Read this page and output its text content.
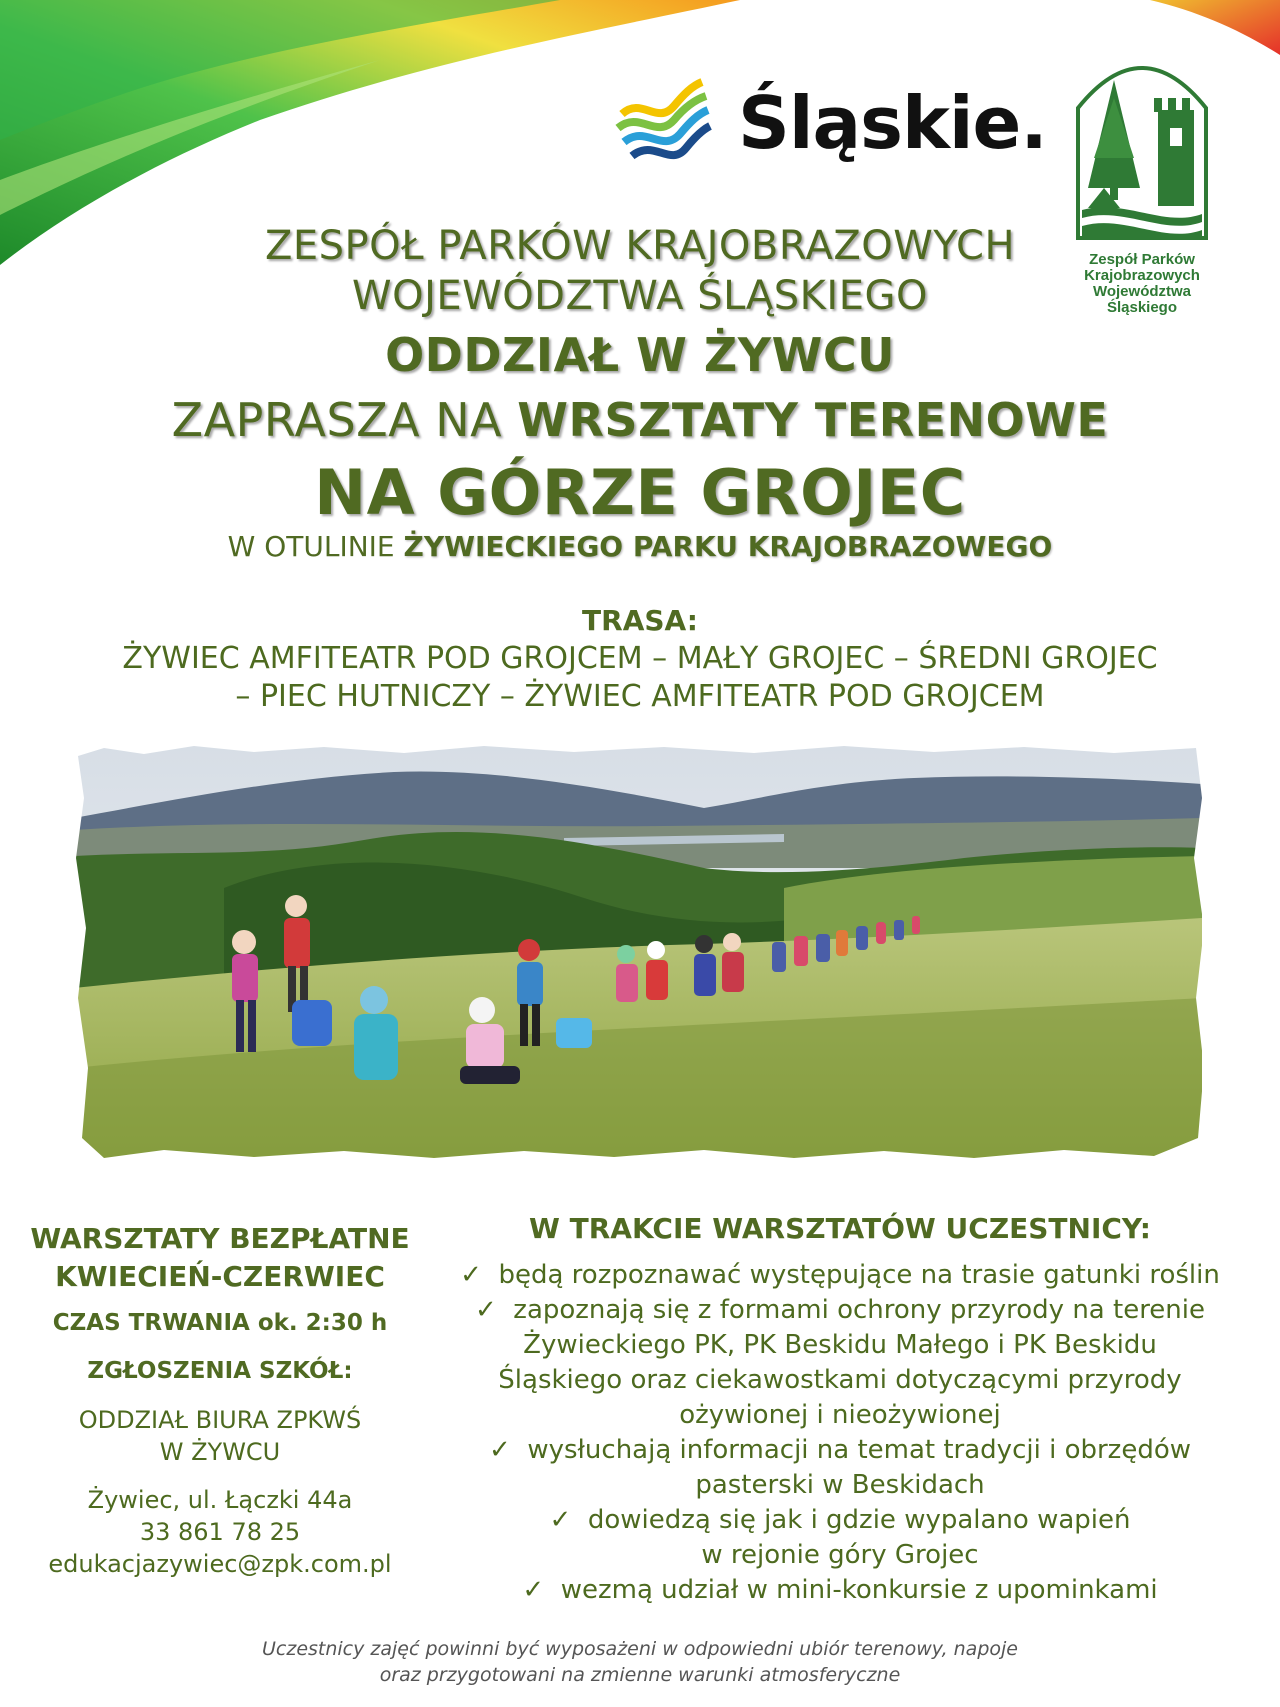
Śląskie.
Zespół Parków
Krajobrazowych
Województwa
Śląskiego
ZESPÓŁ PARKÓW KRAJOBRAZOWYCH
WOJEWÓDZTWA ŚLĄSKIEGO
ODDZIAŁ W ŻYWCU
ZAPRASZA NA WRSZTATY TERENOWE
NA GÓRZE GROJEC
W OTULINIE ŻYWIECKIEGO PARKU KRAJOBRAZOWEGO
TRASA:
ŻYWIEC AMFITEATR POD GROJCEM – MAŁY GROJEC – ŚREDNI GROJEC
– PIEC HUTNICZY – ŻYWIEC AMFITEATR POD GROJCEM
WARSZTATY BEZPŁATNE
KWIECIEŃ-CZERWIEC
CZAS TRWANIA ok. 2:30 h
ZGŁOSZENIA SZKÓŁ:
ODDZIAŁ BIURA ZPKWŚ
W ŻYWCU
Żywiec, ul. Łączki 44a
33 861 78 25
edukacjazywiec@zpk.com.pl
W TRAKCIE WARSZTATÓW UCZESTNICY:

✓ będą rozpoznawać występujące na trasie gatunki roślin

✓ zapoznają się z formami ochrony przyrody na terenie

Żywieckiego PK, PK Beskidu Małego i PK Beskidu

Śląskiego oraz ciekawostkami dotyczącymi przyrody

ożywionej i nieożywionej

✓ wysłuchają informacji na temat tradycji i obrzędów

pasterski w Beskidach

✓ dowiedzą się jak i gdzie wypalano wapień

w rejonie góry Grojec

✓ wezmą udział w mini-konkursie z upominkami

Uczestnicy zajęć powinni być wyposażeni w odpowiedni ubiór terenowy, napoje
oraz przygotowani na zmienne warunki atmosferyczne
